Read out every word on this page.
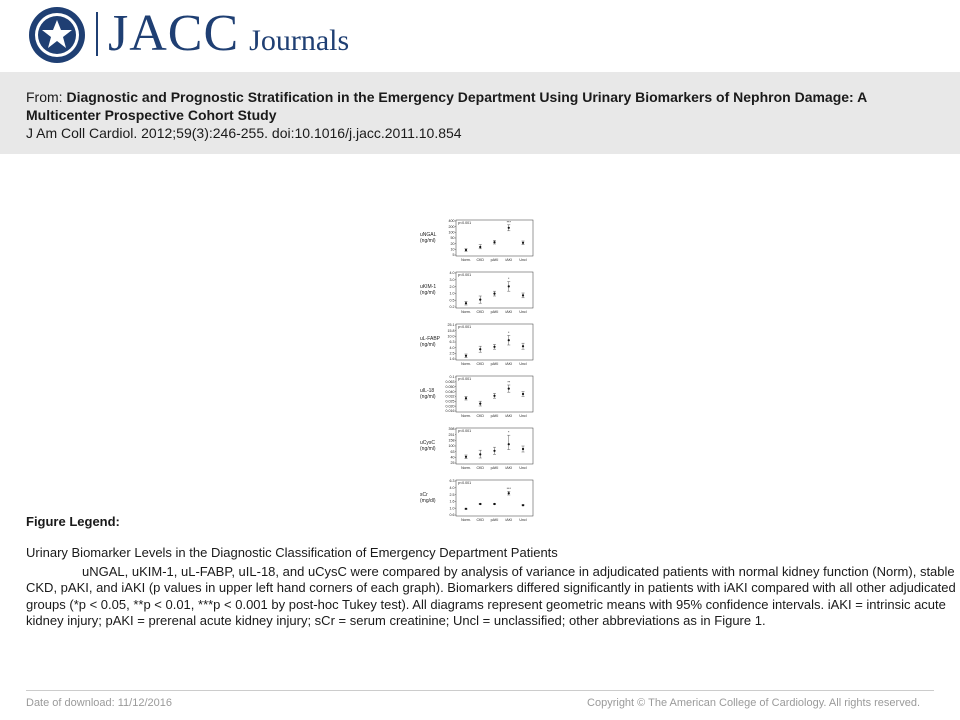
JACC Journals
From: Diagnostic and Prognostic Stratification in the Emergency Department Using Urinary Biomarkers of Nephron Damage: A Multicenter Prospective Cohort Study
J Am Coll Cardiol. 2012;59(3):246-255. doi:10.1016/j.jacc.2011.10.854
uNGAL
(ng/ml)
400
200
100
50
20
10
5
p<0.001
Norm. CKD pAKI iAKI
***
Uncl
uKIM-1
(ng/ml)
4.0
3.0
2.0
1.0
0.5
0.2
p<0.001
Norm. CKD pAKI iAKI
*
Uncl
uL-FABP
(ng/ml)
25.1
15.8
10.0
6.3
4.0
2.5
1.6
p<0.001
Norm. CKD pAKI iAKI
*
Uncl
uIL-18
(ng/ml)
0.1
0.063
0.050
0.040
0.032
0.025
0.020
0.016
p<0.001
Norm. CKD pAKI iAKI
**
Uncl
uCysC
(ng/ml)
398
251
158
100
63
40
25
p<0.001
Norm. CKD pAKI iAKI
*
Uncl
sCr
(mg/dl)
6.3
4.0
2.5
1.6
1.0
0.6
p<0.001
Norm. CKD pAKI iAKI
***
Uncl
Figure Legend:
Urinary Biomarker Levels in the Diagnostic Classification of Emergency Department Patients
uNGAL, uKIM-1, uL-FABP, uIL-18, and uCysC were compared by analysis of variance in adjudicated patients with normal kidney function (Norm), stable CKD, pAKI, and iAKI (p values in upper left hand corners of each graph). Biomarkers differed significantly in patients with iAKI compared with all other adjudicated groups (*p < 0.05, **p < 0.01, ***p < 0.001 by post-hoc Tukey test). All diagrams represent geometric means with 95% confidence intervals. iAKI = intrinsic acute kidney injury; pAKI = prerenal acute kidney injury; sCr = serum creatinine; Uncl = unclassified; other abbreviations as in Figure 1.
Date of download: 11/12/2016	Copyright © The American College of Cardiology. All rights reserved.
